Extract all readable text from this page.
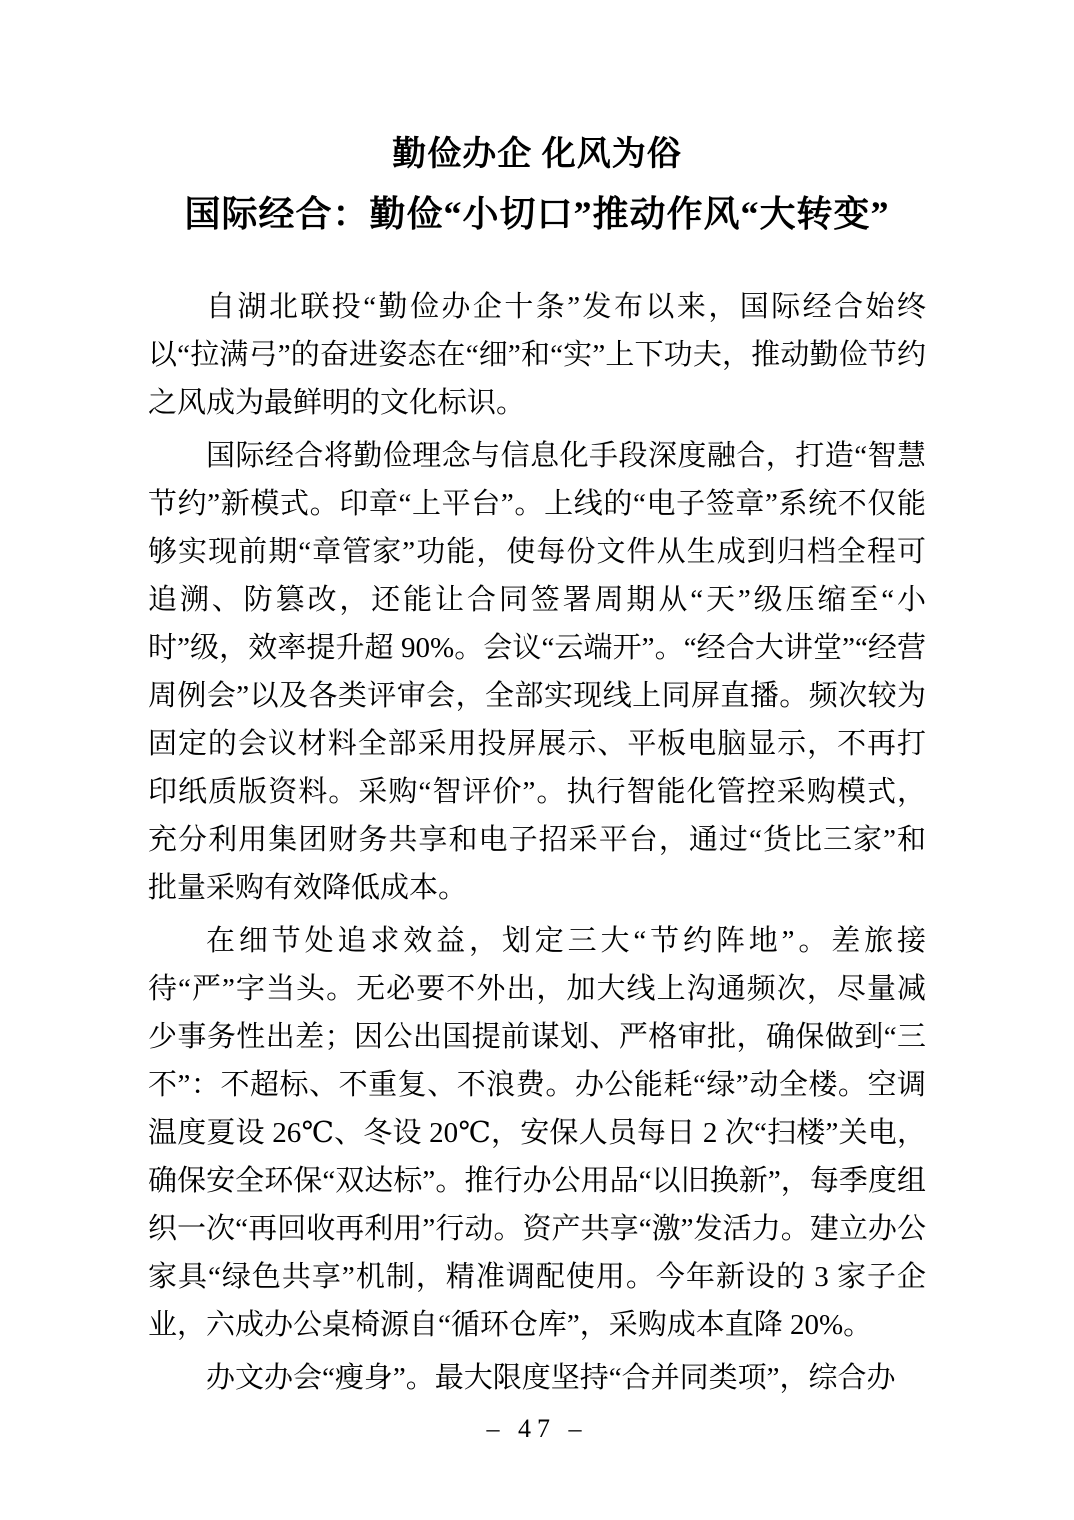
勤俭办企 化风为俗
国际经合：勤俭“小切口”推动作风“大转变”

自湖北联投“勤俭办企十条”发布以来，国际经合始终以“拉满弓”的奋进姿态在“细”和“实”上下功夫，推动勤俭节约之风成为最鲜明的文化标识。

国际经合将勤俭理念与信息化手段深度融合，打造“智慧节约”新模式。印章“上平台”。上线的“电子签章”系统不仅能够实现前期“章管家”功能，使每份文件从生成到归档全程可追溯、防篡改，还能让合同签署周期从“天”级压缩至“小时”级，效率提升超 90%。会议“云端开”。“经合大讲堂”“经营周例会”以及各类评审会，全部实现线上同屏直播。频次较为固定的会议材料全部采用投屏展示、平板电脑显示，不再打印纸质版资料。采购“智评价”。执行智能化管控采购模式，充分利用集团财务共享和电子招采平台，通过“货比三家”和批量采购有效降低成本。

在细节处追求效益，划定三大“节约阵地”。差旅接待“严”字当头。无必要不外出，加大线上沟通频次，尽量减少事务性出差；因公出国提前谋划、严格审批，确保做到“三不”：不超标、不重复、不浪费。办公能耗“绿”动全楼。空调温度夏设 26℃、冬设 20℃，安保人员每日 2 次“扫楼”关电，确保安全环保“双达标”。推行办公用品“以旧换新”，每季度组织一次“再回收再利用”行动。资产共享“激”发活力。建立办公家具“绿色共享”机制，精准调配使用。今年新设的 3 家子企业，六成办公桌椅源自“循环仓库”，采购成本直降 20%。

办文办会“瘦身”。最大限度坚持“合并同类项”，综合办

– 47 –
